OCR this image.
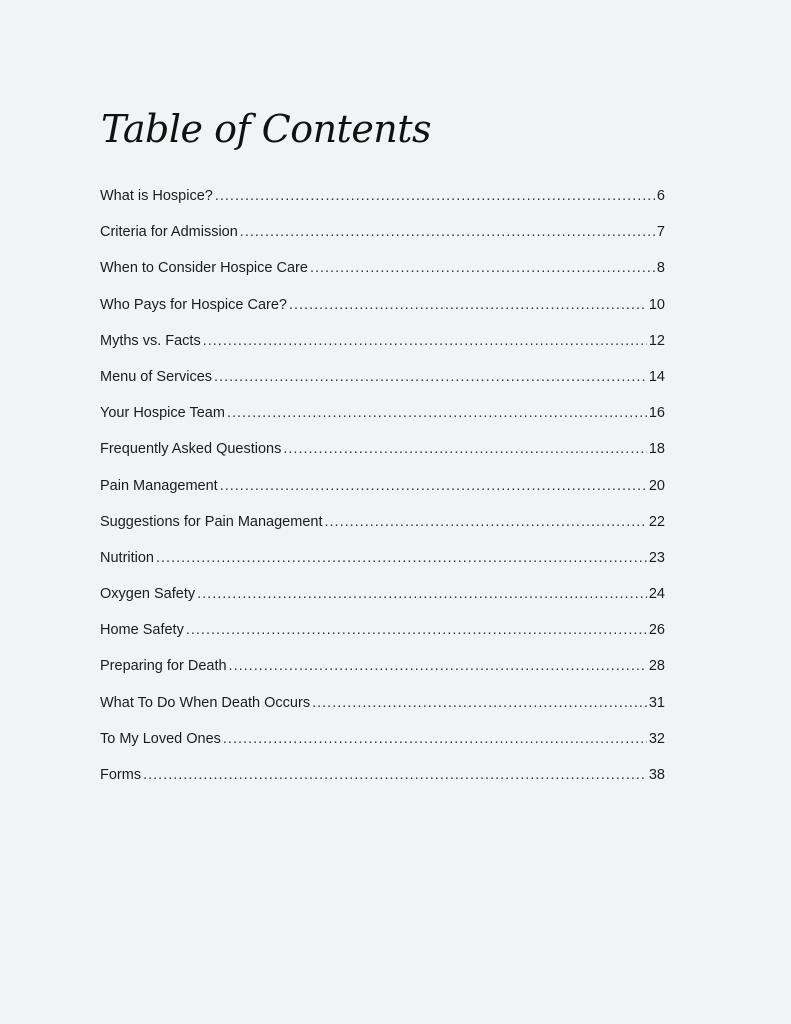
Table of Contents
What is Hospice? .....	6
Criteria for Admission .....	7
When to Consider Hospice Care .....	8
Who Pays for Hospice Care? .....	10
Myths vs. Facts .....	12
Menu of Services .....	14
Your Hospice Team .....	16
Frequently Asked Questions .....	18
Pain Management .....	20
Suggestions for Pain Management .....	22
Nutrition .....	23
Oxygen Safety .....	24
Home Safety .....	26
Preparing for Death .....	28
What To Do When Death Occurs .....	31
To My Loved Ones .....	32
Forms .....	38
